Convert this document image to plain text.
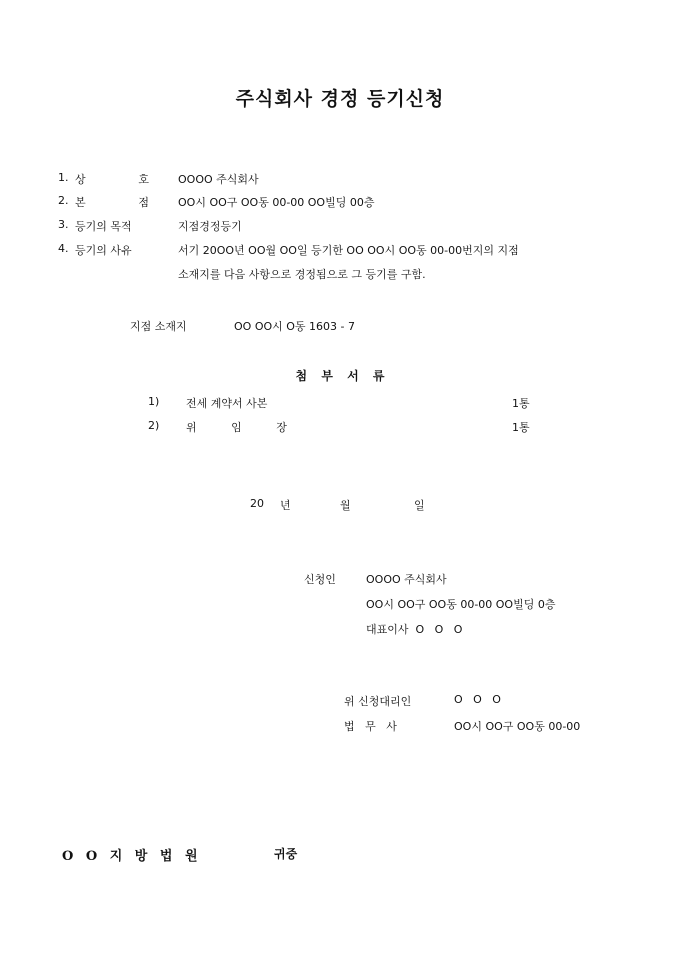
주식회사 경정 등기신청
1. 상	호	OOOO 주식회사
2. 본	점	OO시 OO구 OO동 00-00 OO빌딩 00층
3. 등기의 목적	지점경정등기
4. 등기의 사유	서기 20OO년 OO월 OO일 등기한 OO OO시 OO동 00-00번지의 지점
소재지를 다음 사항으로 경정됨으로 그 등기를 구함.
지점 소재지	OO OO시 O동 1603 - 7
첨 부 서 류
1) 전세 계약서 사본	1통
2) 위   임   장	1통
20 년	월	일
신청인	OOOO 주식회사
OO시 OO구 OO동 00-00 OO빌딩 0층
대표이사  O   O   O
위 신청대리인	O   O   O
법   무   사	OO시 OO구 OO동 00-00
O O 지 방 법 원	귀중
